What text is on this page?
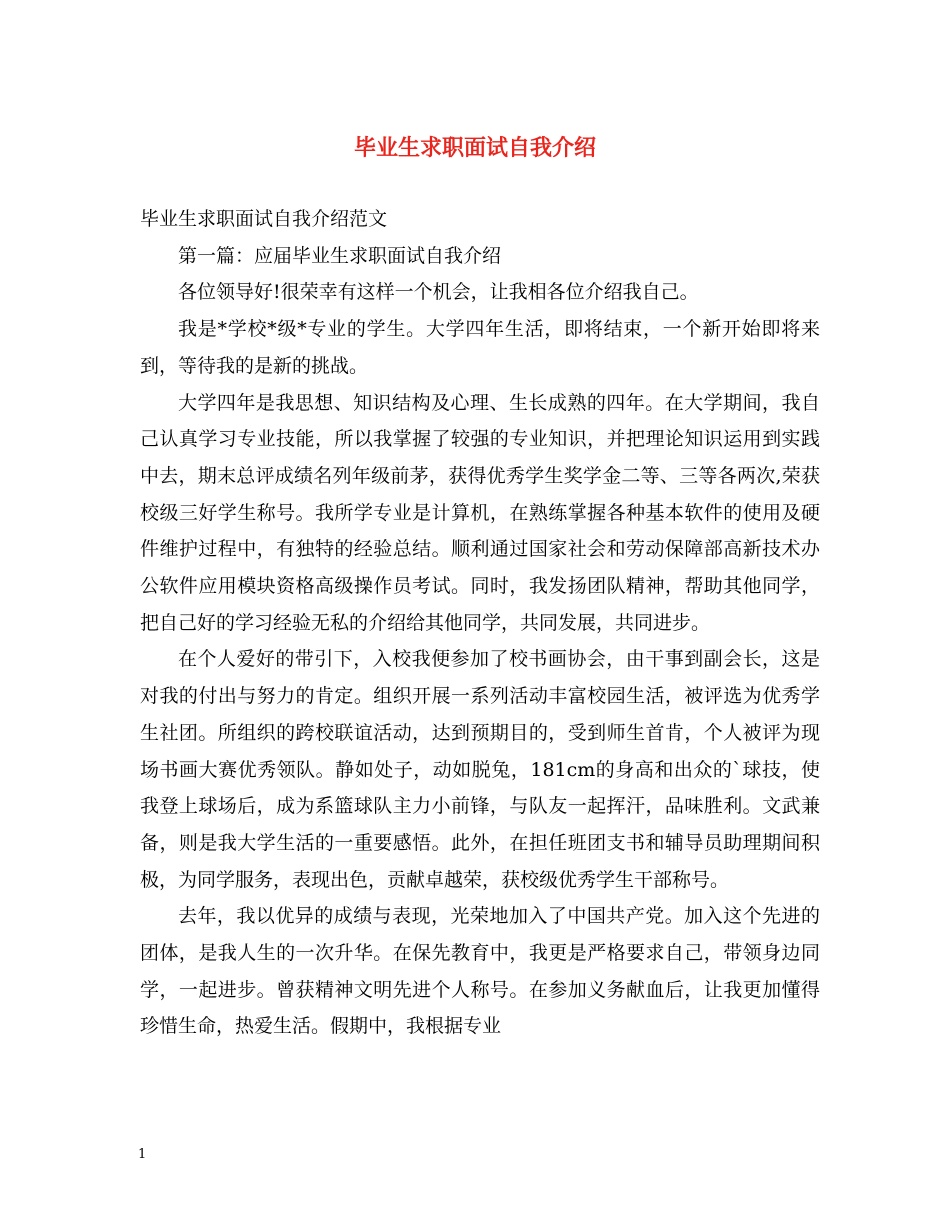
毕业生求职面试自我介绍

毕业生求职面试自我介绍范文

第一篇：应届毕业生求职面试自我介绍

各位领导好!很荣幸有这样一个机会，让我相各位介绍我自己。

我是*学校*级*专业的学生。大学四年生活，即将结束，一个新开始即将来到，等待我的是新的挑战。

大学四年是我思想、知识结构及心理、生长成熟的四年。在大学期间，我自己认真学习专业技能，所以我掌握了较强的专业知识，并把理论知识运用到实践中去，期末总评成绩名列年级前茅，获得优秀学生奖学金二等、三等各两次,荣获校级三好学生称号。我所学专业是计算机，在熟练掌握各种基本软件的使用及硬件维护过程中，有独特的经验总结。顺利通过国家社会和劳动保障部高新技术办公软件应用模块资格高级操作员考试。同时，我发扬团队精神，帮助其他同学，把自己好的学习经验无私的介绍给其他同学，共同发展，共同进步。

在个人爱好的带引下，入校我便参加了校书画协会，由干事到副会长，这是对我的付出与努力的肯定。组织开展一系列活动丰富校园生活，被评选为优秀学生社团。所组织的跨校联谊活动，达到预期目的，受到师生首肯，个人被评为现场书画大赛优秀领队。静如处子，动如脱兔，181cm的身高和出众的`球技，使我登上球场后，成为系篮球队主力小前锋，与队友一起挥汗，品味胜利。文武兼备，则是我大学生活的一重要感悟。此外，在担任班团支书和辅导员助理期间积极，为同学服务，表现出色，贡献卓越荣，获校级优秀学生干部称号。

去年，我以优异的成绩与表现，光荣地加入了中国共产党。加入这个先进的团体，是我人生的一次升华。在保先教育中，我更是严格要求自己，带领身边同学，一起进步。曾获精神文明先进个人称号。在参加义务献血后，让我更加懂得珍惜生命，热爱生活。假期中，我根据专业

1
